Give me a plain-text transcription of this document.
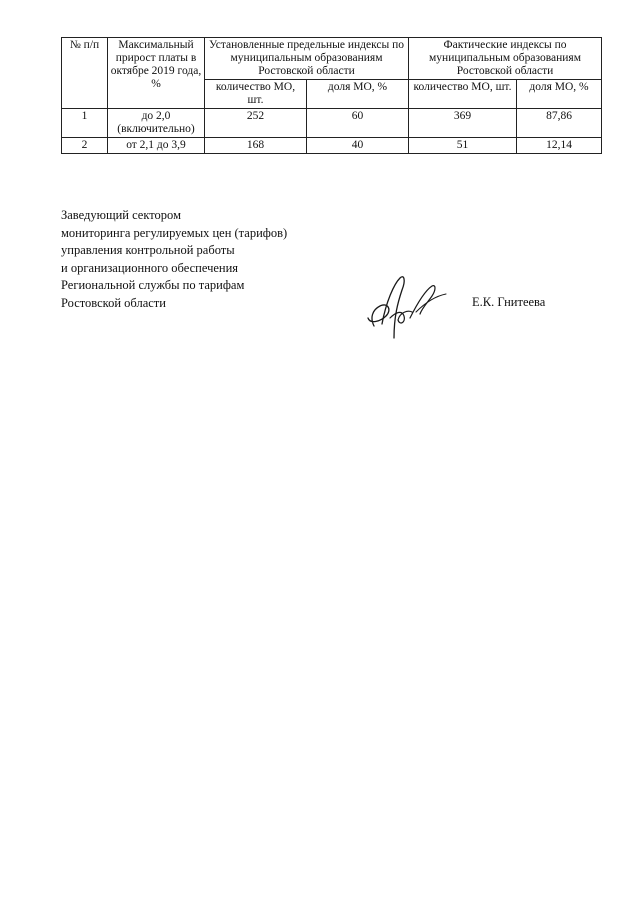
№ п/п	Максимальный прирост платы в октябре 2019 года, %	Установленные предельные индексы по муниципальным образованиям Ростовской области		Фактические индексы по муниципальным образованиям Ростовской области	
		количество МО, шт.	доля МО, %	количество МО, шт.	доля МО, %
1	до 2,0 (включительно)	252	60	369	87,86
2	от 2,1 до 3,9	168	40	51	12,14
Заведующий сектором
мониторинга регулируемых цен (тарифов)
управления контрольной работы
и организационного обеспечения
Региональной службы по тарифам
Ростовской области	Е.К. Гнитеева
